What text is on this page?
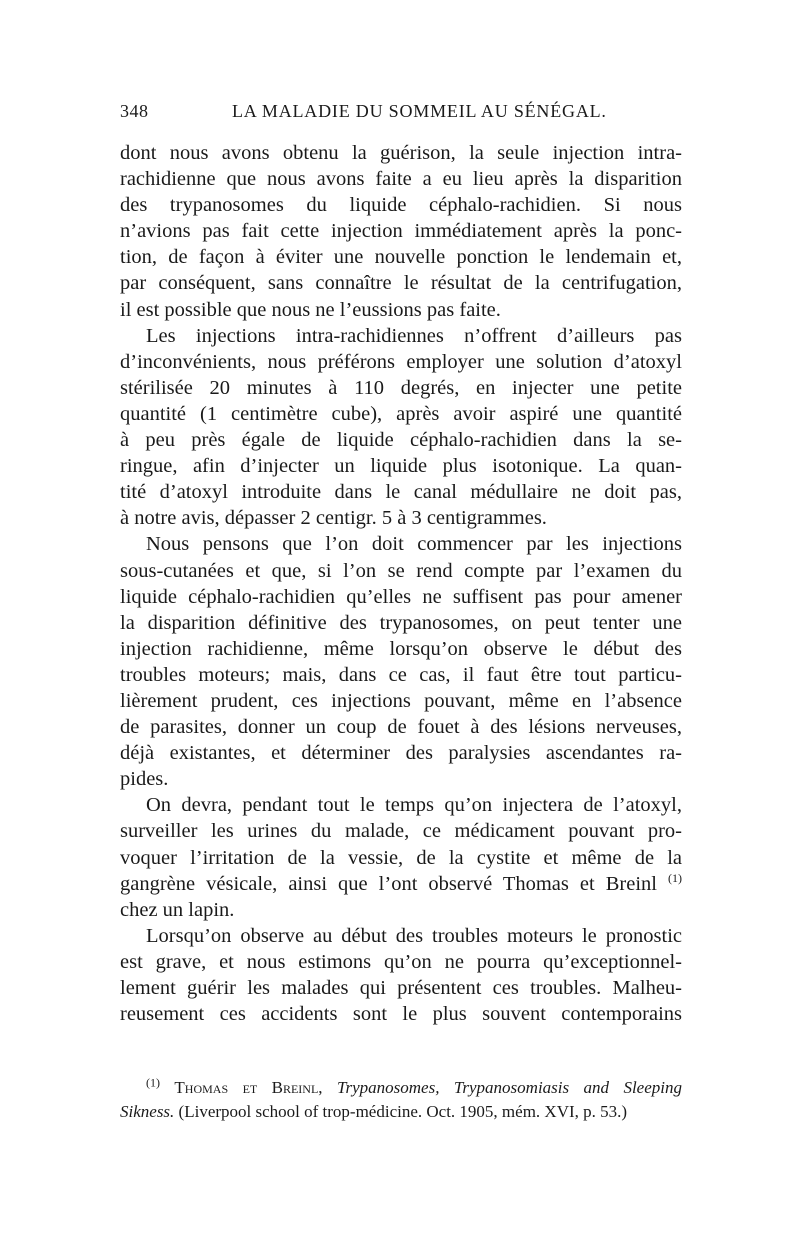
348	LA MALADIE DU SOMMEIL AU SÉNÉGAL.

dont nous avons obtenu la guérison, la seule injection intra-
rachidienne que nous avons faite a eu lieu après la disparition
des trypanosomes du liquide céphalo-rachidien. Si nous
n’avions pas fait cette injection immédiatement après la ponc-
tion, de façon à éviter une nouvelle ponction le lendemain et,
par conséquent, sans connaître le résultat de la centrifugation,
il est possible que nous ne l’eussions pas faite.

Les injections intra-rachidiennes n’offrent d’ailleurs pas
d’inconvénients, nous préférons employer une solution d’atoxyl
stérilisée 20 minutes à 110 degrés, en injecter une petite
quantité (1 centimètre cube), après avoir aspiré une quantité
à peu près égale de liquide céphalo-rachidien dans la se-
ringue, afin d’injecter un liquide plus isotonique. La quan-
tité d’atoxyl introduite dans le canal médullaire ne doit pas,
à notre avis, dépasser 2 centigr. 5 à 3 centigrammes.

Nous pensons que l’on doit commencer par les injections
sous-cutanées et que, si l’on se rend compte par l’examen du
liquide céphalo-rachidien qu’elles ne suffisent pas pour amener
la disparition définitive des trypanosomes, on peut tenter une
injection rachidienne, même lorsqu’on observe le début des
troubles moteurs; mais, dans ce cas, il faut être tout particu-
lièrement prudent, ces injections pouvant, même en l’absence
de parasites, donner un coup de fouet à des lésions nerveuses,
déjà existantes, et déterminer des paralysies ascendantes ra-
pides.

On devra, pendant tout le temps qu’on injectera de l’atoxyl,
surveiller les urines du malade, ce médicament pouvant pro-
voquer l’irritation de la vessie, de la cystite et même de la
gangrène vésicale, ainsi que l’ont observé Thomas et Breinl $^{(1)}$
chez un lapin.

Lorsqu’on observe au début des troubles moteurs le pronostic
est grave, et nous estimons qu’on ne pourra qu’exceptionnel-
lement guérir les malades qui présentent ces troubles. Malheu-
reusement ces accidents sont le plus souvent contemporains

$^{(1)}$ Thomas et Breinl, Trypanosomes, Trypanosomiasis and Sleeping
Sikness. (Liverpool school of trop-médicine. Oct. 1905, mém. XVI, p. 53.)
